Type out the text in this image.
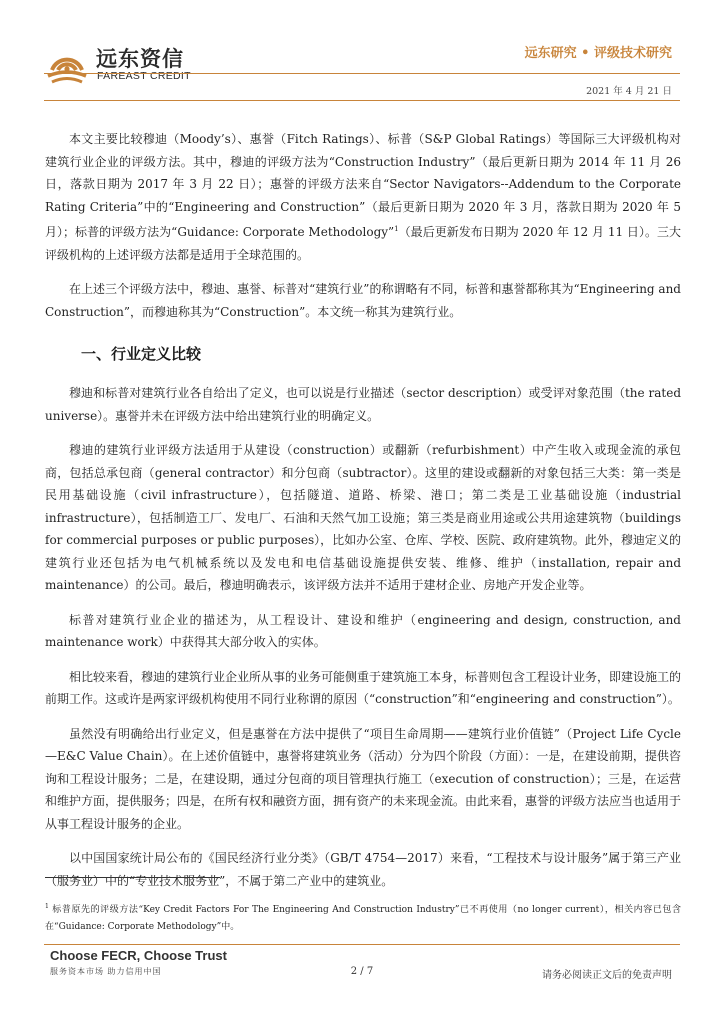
远东资信
FAREAST CREDIT
远东研究 • 评级技术研究
2021 年 4 月 21 日

本文主要比较穆迪（Moody’s）、惠誉（Fitch Ratings）、标普（S&P Global Ratings）等国际三大评级机构对建筑行业企业的评级方法。其中，穆迪的评级方法为“Construction Industry”（最后更新日期为 2014 年 11 月 26 日，落款日期为 2017 年 3 月 22 日）；惠誉的评级方法来自“Sector Navigators--Addendum to the Corporate Rating Criteria”中的“Engineering and Construction”（最后更新日期为 2020 年 3 月，落款日期为 2020 年 5 月）；标普的评级方法为“Guidance: Corporate Methodology”$^1$（最后更新发布日期为 2020 年 12 月 11 日）。三大评级机构的上述评级方法都是适用于全球范围的。

在上述三个评级方法中，穆迪、惠誉、标普对“建筑行业”的称谓略有不同，标普和惠誉都称其为“Engineering and Construction”，而穆迪称其为“Construction”。本文统一称其为建筑行业。

一、行业定义比较

穆迪和标普对建筑行业各自给出了定义，也可以说是行业描述（sector description）或受评对象范围（the rated universe）。惠誉并未在评级方法中给出建筑行业的明确定义。

穆迪的建筑行业评级方法适用于从建设（construction）或翻新（refurbishment）中产生收入或现金流的承包商，包括总承包商（general contractor）和分包商（subtractor）。这里的建设或翻新的对象包括三大类：第一类是民用基础设施（civil infrastructure），包括隧道、道路、桥梁、港口；第二类是工业基础设施（industrial infrastructure），包括制造工厂、发电厂、石油和天然气加工设施；第三类是商业用途或公共用途建筑物（buildings for commercial purposes or public purposes），比如办公室、仓库、学校、医院、政府建筑物。此外，穆迪定义的建筑行业还包括为电气机械系统以及发电和电信基础设施提供安装、维修、维护（installation, repair and maintenance）的公司。最后，穆迪明确表示，该评级方法并不适用于建材企业、房地产开发企业等。

标普对建筑行业企业的描述为，从工程设计、建设和维护（engineering and design, construction, and maintenance work）中获得其大部分收入的实体。

相比较来看，穆迪的建筑行业企业所从事的业务可能侧重于建筑施工本身，标普则包含工程设计业务，即建设施工的前期工作。这或许是两家评级机构使用不同行业称谓的原因（“construction”和“engineering and construction”）。

虽然没有明确给出行业定义，但是惠誉在方法中提供了“项目生命周期——建筑行业价值链”（Project Life Cycle—E&C Value Chain）。在上述价值链中，惠誉将建筑业务（活动）分为四个阶段（方面）：一是，在建设前期，提供咨询和工程设计服务；二是，在建设期，通过分包商的项目管理执行施工（execution of construction）；三是，在运营和维护方面，提供服务；四是，在所有权和融资方面，拥有资产的未来现金流。由此来看，惠誉的评级方法应当也适用于从事工程设计服务的企业。

以中国国家统计局公布的《国民经济行业分类》（GB/T 4754—2017）来看，“工程技术与设计服务”属于第三产业（服务业）中的“专业技术服务业”，不属于第二产业中的建筑业。

$^1$ 标普原先的评级方法“Key Credit Factors For The Engineering And Construction Industry”已不再使用（no longer current），相关内容已包含在“Guidance: Corporate Methodology”中。
Choose FECR, Choose Trust
服务资本市场 助力信用中国	2 / 7	请务必阅读正文后的免责声明
